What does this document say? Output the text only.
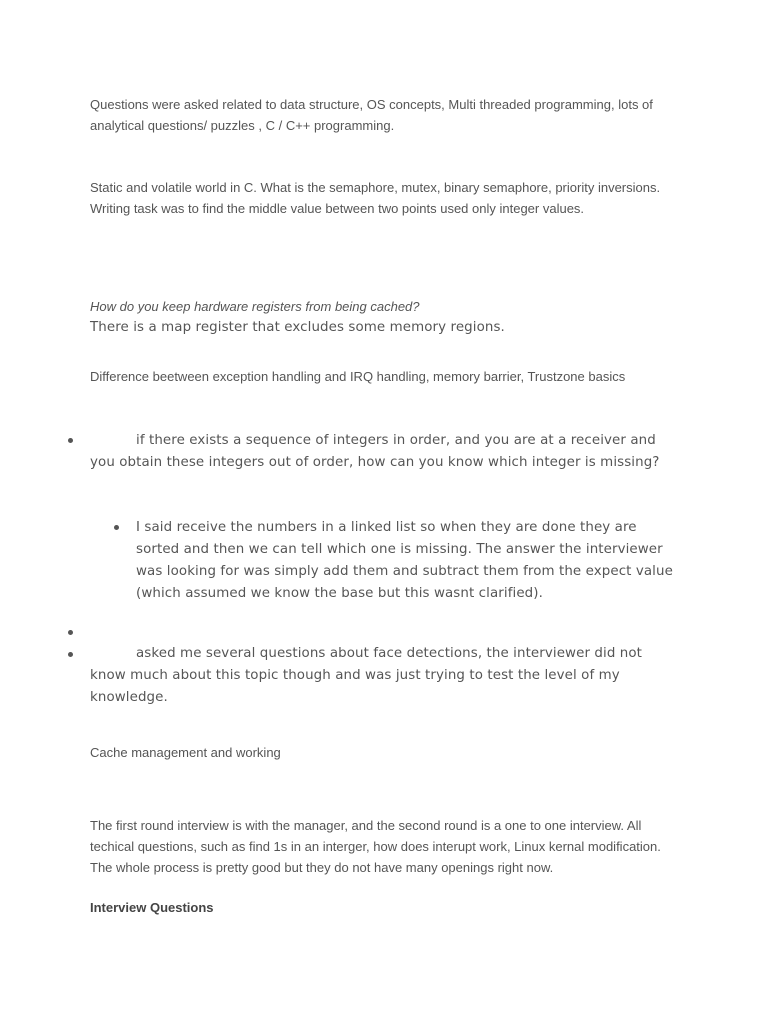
Questions were asked related to data structure, OS concepts, Multi threaded programming, lots of analytical questions/ puzzles , C / C++ programming.

Static and volatile world in C. What is the semaphore, mutex, binary semaphore, priority inversions. Writing task was to find the middle value between two points used only integer values.

How do you keep hardware registers from being cached?

There is a map register that excludes some memory regions.

Difference beetween exception handling and IRQ handling, memory barrier, Trustzone basics

if there exists a sequence of integers in order, and you are at a receiver and you obtain these integers out of order, how can you know which integer is missing?

I said receive the numbers in a linked list so when they are done they are sorted and then we can tell which one is missing. The answer the interviewer was looking for was simply add them and subtract them from the expect value (which assumed we know the base but this wasnt clarified).

asked me several questions about face detections, the interviewer did not know much about this topic though and was just trying to test the level of my knowledge.

Cache management and working

The first round interview is with the manager, and the second round is a one to one interview. All techical questions, such as find 1s in an interger, how does interupt work, Linux kernal modification. The whole process is pretty good but they do not have many openings right now.

Interview Questions
